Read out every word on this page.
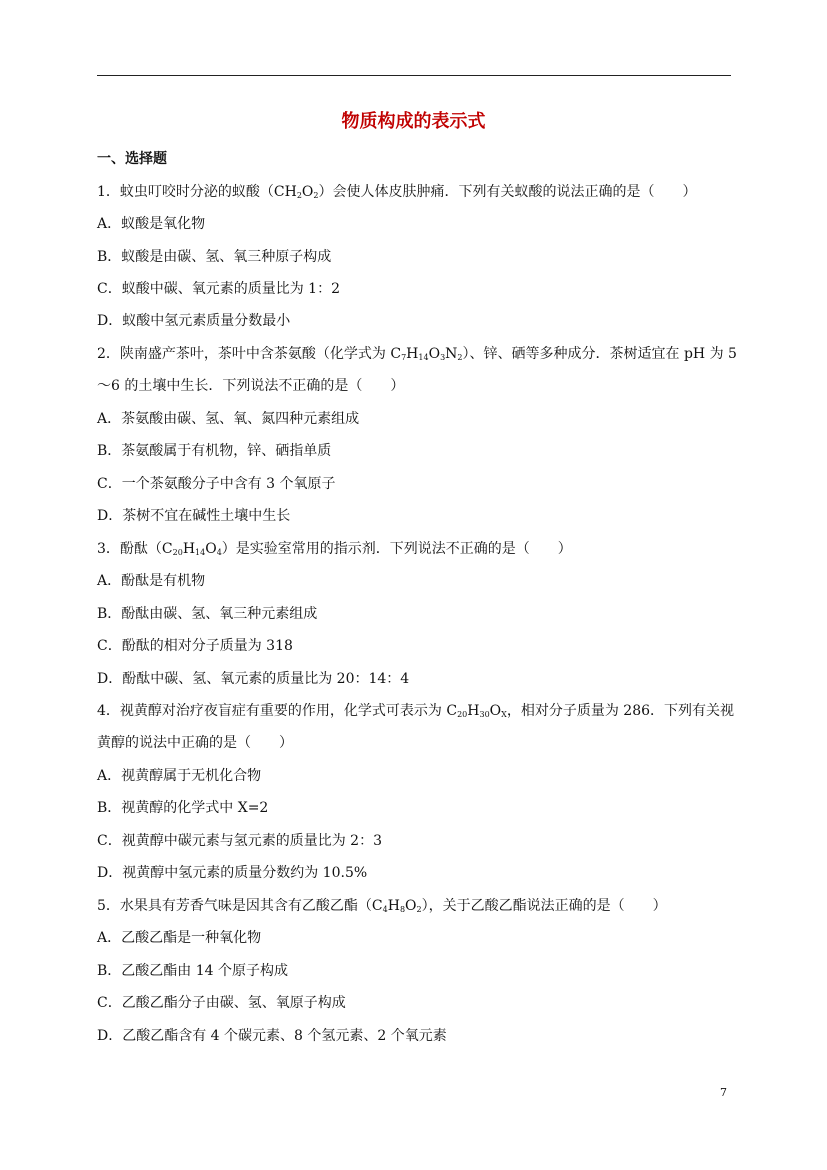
物质构成的表示式
一、选择题
1．蚊虫叮咬时分泌的蚁酸$(CH_2O_2)$会使人体皮肤肿痛．下列有关蚁酸的说法正确的是（　　）
A．蚁酸是氧化物
B．蚁酸是由碳、氢、氧三种原子构成
C．蚁酸中碳、氧元素的质量比为 1：2
D．蚁酸中氢元素质量分数最小
2．陕南盛产茶叶，茶叶中含茶氨酸（化学式为 $C_7H_{14}O_3N_2$）、锌、硒等多种成分．茶树适宜在 pH 为 5
～6 的土壤中生长．下列说法不正确的是（　　）
A．茶氨酸由碳、氢、氧、氮四种元素组成
B．茶氨酸属于有机物，锌、硒指单质
C．一个茶氨酸分子中含有 3 个氧原子
D．茶树不宜在碱性土壤中生长
3．酚酞$(C_{20}H_{14}O_4)$是实验室常用的指示剂．下列说法不正确的是（　　）
A．酚酞是有机物
B．酚酞由碳、氢、氧三种元素组成
C．酚酞的相对分子质量为 318
D．酚酞中碳、氢、氧元素的质量比为 20：14：4
4．视黄醇对治疗夜盲症有重要的作用，化学式可表示为 $C_{20}H_{30}O_X$，相对分子质量为 286．下列有关视
黄醇的说法中正确的是（　　）
A．视黄醇属于无机化合物
B．视黄醇的化学式中 X=2
C．视黄醇中碳元素与氢元素的质量比为 2：3
D．视黄醇中氢元素的质量分数约为 10.5%
5．水果具有芳香气味是因其含有乙酸乙酯$(C_4H_8O_2)$，关于乙酸乙酯说法正确的是（　　）
A．乙酸乙酯是一种氧化物
B．乙酸乙酯由 14 个原子构成
C．乙酸乙酯分子由碳、氢、氧原子构成
D．乙酸乙酯含有 4 个碳元素、8 个氢元素、2 个氧元素
7
